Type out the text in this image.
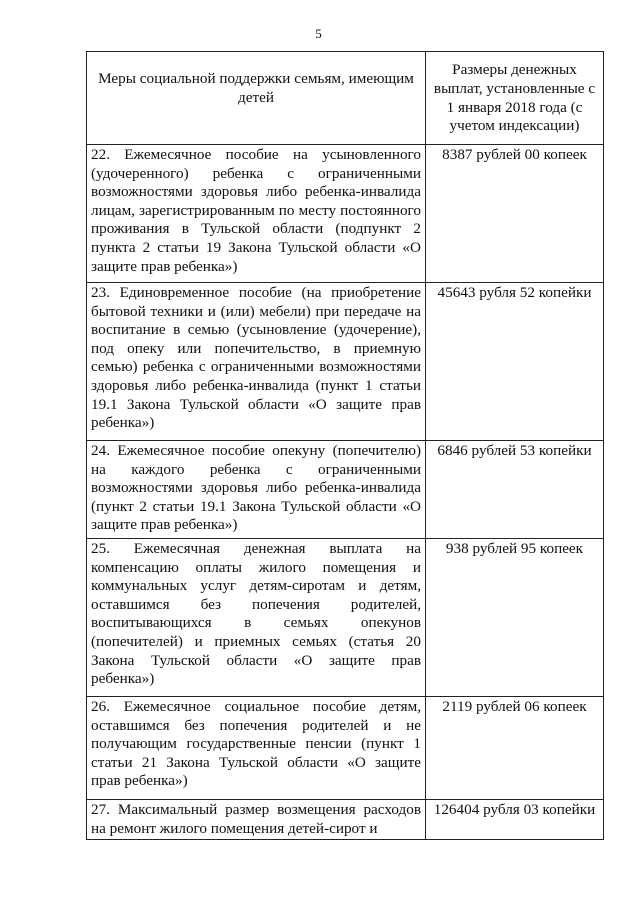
5
Меры социальной поддержки семьям, имеющим детей	Размеры денежных выплат, установленные с 1 января 2018 года (с учетом индексации)
22. Ежемесячное пособие на усыновленного (удочеренного) ребенка с ограниченными возможностями здоровья либо ребенка-инвалида лицам, зарегистрированным по месту постоянного проживания в Тульской области (подпункт 2 пункта 2 статьи 19 Закона Тульской области «О защите прав ребенка»)	8387 рублей 00 копеек
23. Единовременное пособие (на приобретение бытовой техники и (или) мебели) при передаче на воспитание в семью (усыновление (удочерение), под опеку или попечительство, в приемную семью) ребенка с ограниченными возможностями здоровья либо ребенка-инвалида (пункт 1 статьи 19.1 Закона Тульской области «О защите прав ребенка»)	45643 рубля 52 копейки
24. Ежемесячное пособие опекуну (попечителю) на каждого ребенка с ограниченными возможностями здоровья либо ребенка-инвалида (пункт 2 статьи 19.1 Закона Тульской области «О защите прав ребенка»)	6846 рублей 53 копейки
25. Ежемесячная денежная выплата на компенсацию оплаты жилого помещения и коммунальных услуг детям-сиротам и детям, оставшимся без попечения родителей, воспитывающихся в семьях опекунов (попечителей) и приемных семьях (статья 20 Закона Тульской области «О защите прав ребенка»)	938 рублей 95 копеек
26. Ежемесячное социальное пособие детям, оставшимся без попечения родителей и не получающим государственные пенсии (пункт 1 статьи 21 Закона Тульской области «О защите прав ребенка»)	2119 рублей 06 копеек
27. Максимальный размер возмещения расходов на ремонт жилого помещения детей-сирот и	126404 рубля 03 копейки
